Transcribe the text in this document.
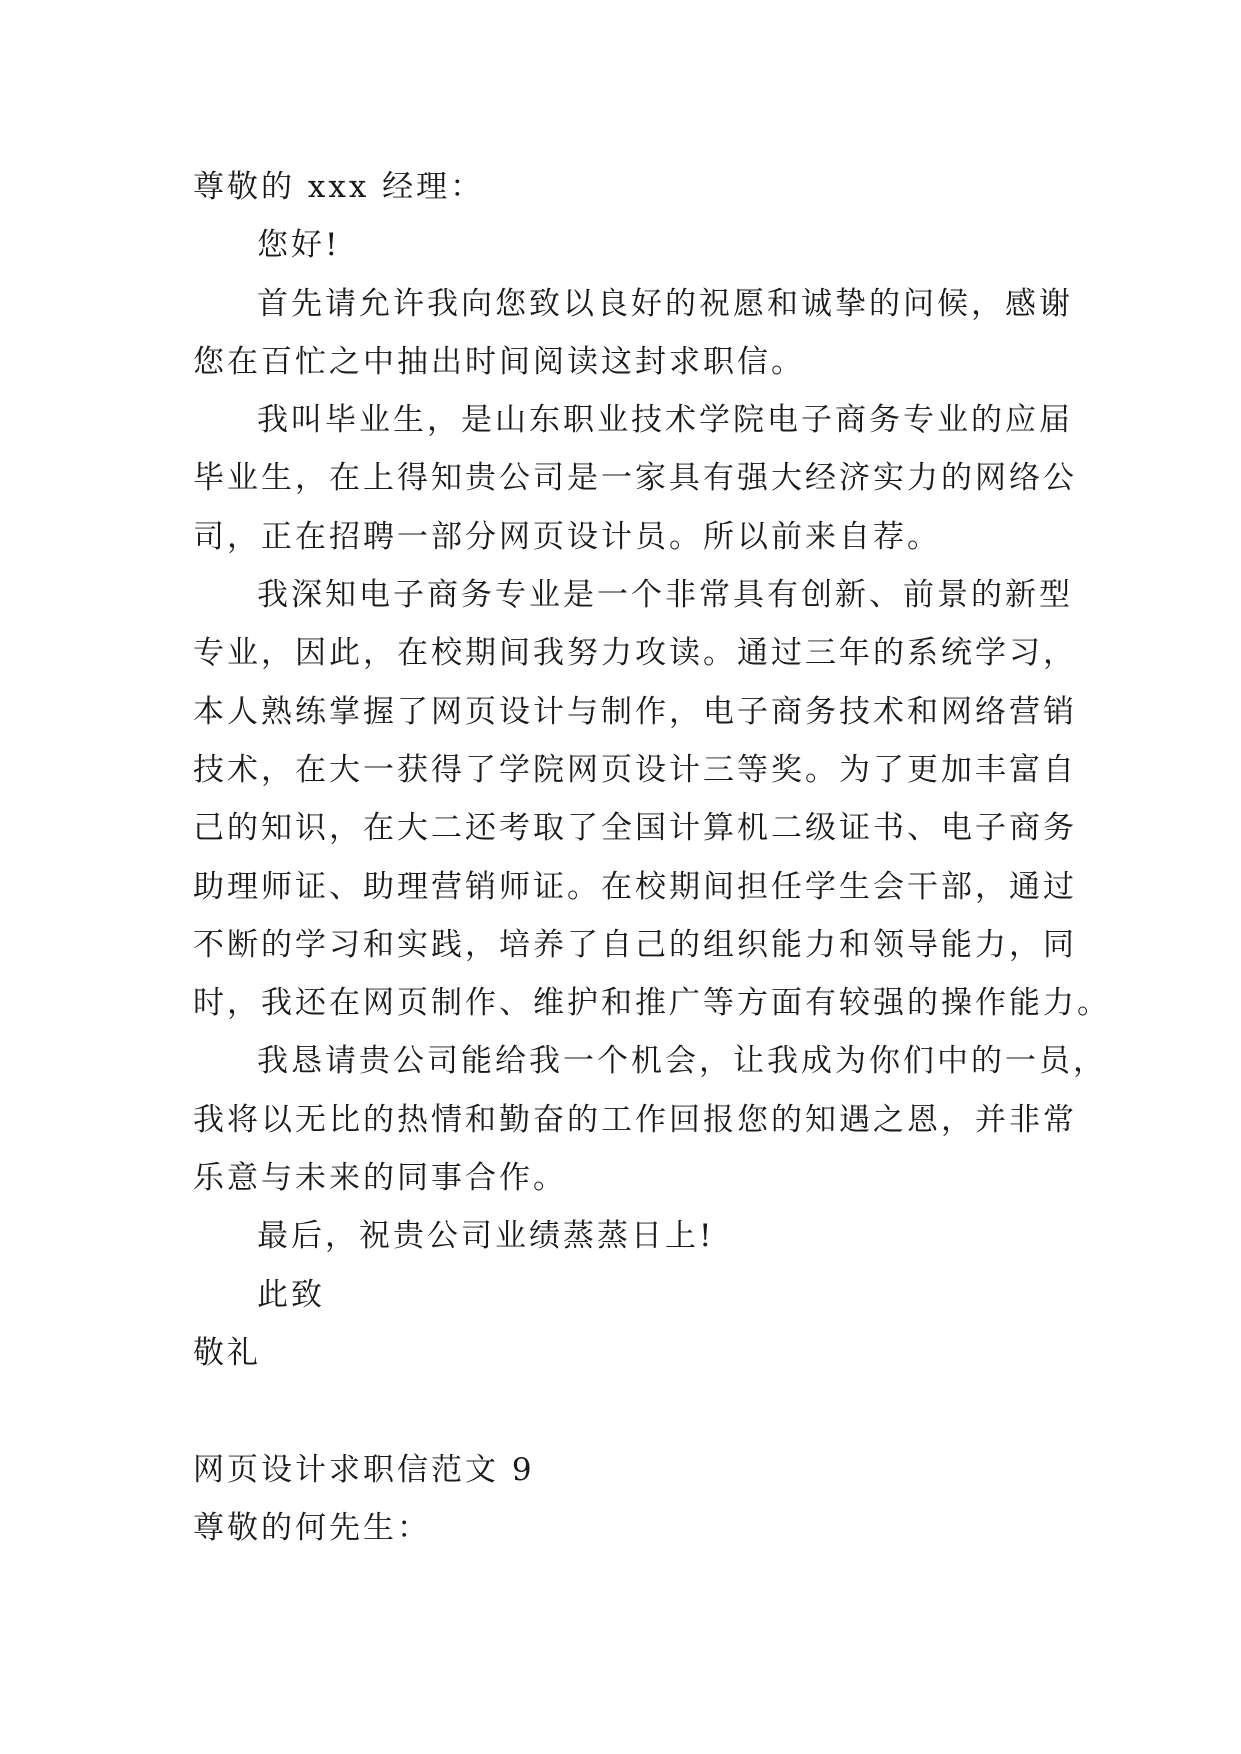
尊敬的 xxx 经理：
您好!
首先请允许我向您致以良好的祝愿和诚挚的问候，感谢
您在百忙之中抽出时间阅读这封求职信。
我叫毕业生，是山东职业技术学院电子商务专业的应届
毕业生，在上得知贵公司是一家具有强大经济实力的网络公
司，正在招聘一部分网页设计员。所以前来自荐。
我深知电子商务专业是一个非常具有创新、前景的新型
专业，因此，在校期间我努力攻读。通过三年的系统学习，
本人熟练掌握了网页设计与制作，电子商务技术和网络营销
技术，在大一获得了学院网页设计三等奖。为了更加丰富自
己的知识，在大二还考取了全国计算机二级证书、电子商务
助理师证、助理营销师证。在校期间担任学生会干部，通过
不断的学习和实践，培养了自己的组织能力和领导能力，同
时，我还在网页制作、维护和推广等方面有较强的操作能力。
我恳请贵公司能给我一个机会，让我成为你们中的一员，
我将以无比的热情和勤奋的工作回报您的知遇之恩，并非常
乐意与未来的同事合作。
最后，祝贵公司业绩蒸蒸日上!
此致
敬礼
网页设计求职信范文 9
尊敬的何先生：
